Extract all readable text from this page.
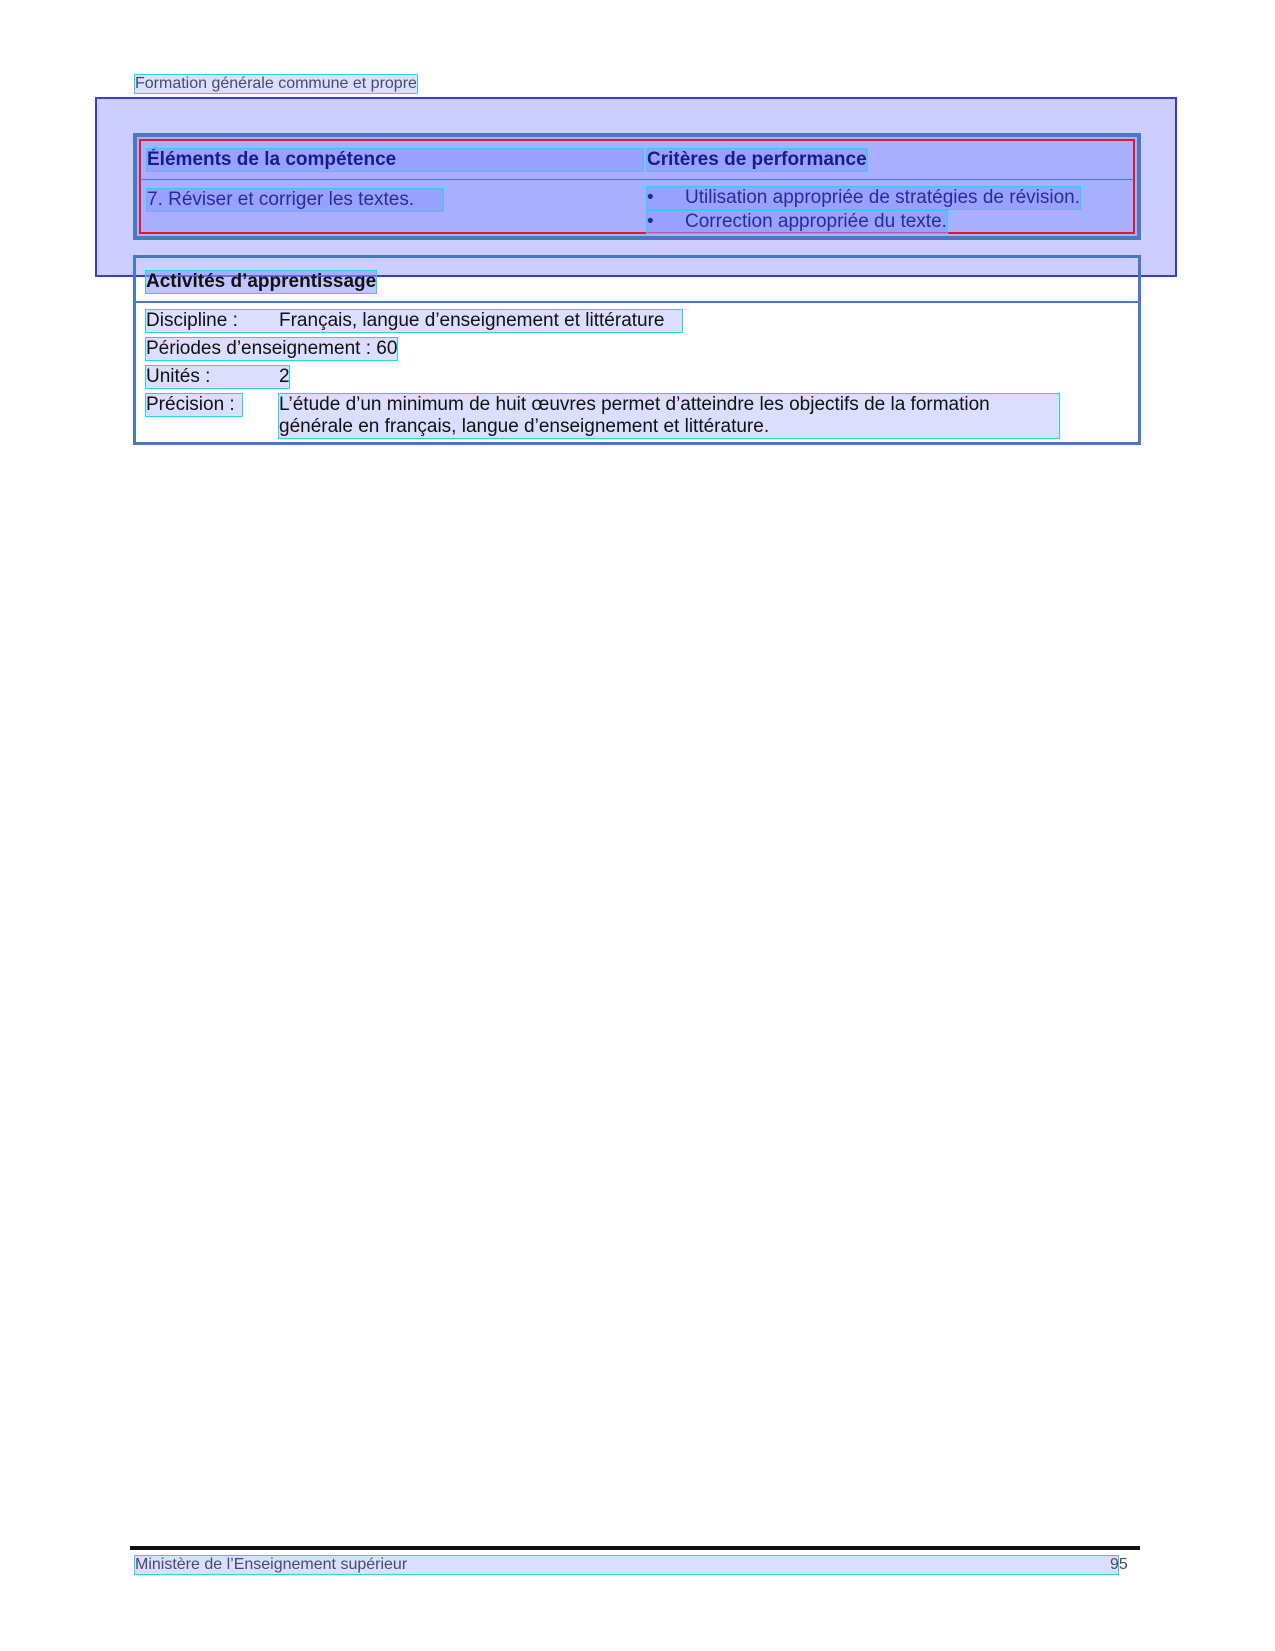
Formation générale commune et propre
Éléments de la compétence	Critères de performance
7. Réviser et corriger les textes.	• Utilisation appropriée de stratégies de révision.
• Correction appropriée du texte.
Activités d’apprentissage
Discipline :	Français, langue d’enseignement et littérature
Périodes d’enseignement : 60
Unités :	2
Précision :	L’étude d’un minimum de huit œuvres permet d’atteindre les objectifs de la formation générale en français, langue d’enseignement et littérature.
Ministère de l’Enseignement supérieur	95
